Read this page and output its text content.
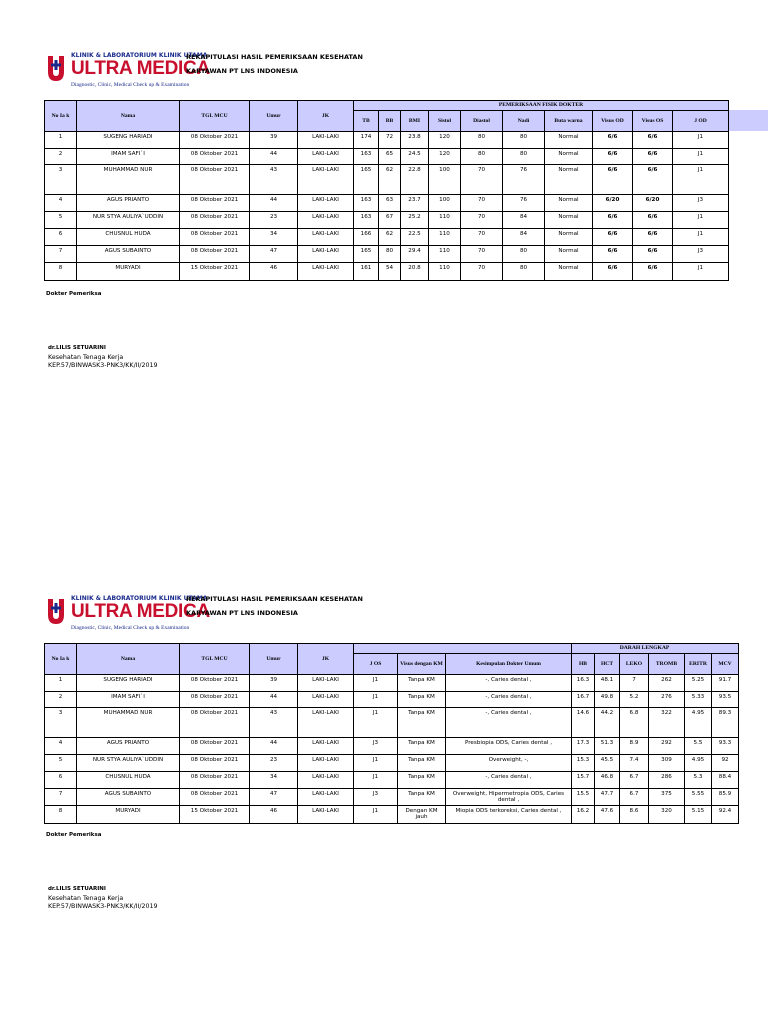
KLINIK & LABORATORIUM KLINIK UTAMA
ULTRA MEDICA
Diagnostic, Clinic, Medical Check up & Examination
REKAPITULASI HASIL PEMERIKSAAN KESEHATAN
KARYAWAN PT LNS INDONESIA
No Ia k	Nama	TGL MCU	Umur	JK	PEMERIKSAAN FISIK DOKTER									
					TB	BB	BMI	Sistol	Diastol	Nadi	Buta warna	Visus OD	Visus OS	J OD
1	SUGENG HARIADI	08 Oktober 2021	39	LAKI-LAKI	174	72	23.8	120	80	80	Normal	6/6	6/6	J1
2	IMAM SAFI`I	08 Oktober 2021	44	LAKI-LAKI	163	65	24.5	120	80	80	Normal	6/6	6/6	J1
3	MUHAMMAD NUR	08 Oktober 2021	43	LAKI-LAKI	165	62	22.8	100	70	76	Normal	6/6	6/6	J1
4	AGUS PRIANTO	08 Oktober 2021	44	LAKI-LAKI	163	63	23.7	100	70	76	Normal	6/20	6/20	J3
5	NUR STYA AULIYA`UDDIN	08 Oktober 2021	23	LAKI-LAKI	163	67	25.2	110	70	84	Normal	6/6	6/6	J1
6	CHUSNUL HUDA	08 Oktober 2021	34	LAKI-LAKI	166	62	22.5	110	70	84	Normal	6/6	6/6	J1
7	AGUS SUBAINTO	08 Oktober 2021	47	LAKI-LAKI	165	80	29.4	110	70	80	Normal	6/6	6/6	J3
8	MURYADI	15 Oktober 2021	46	LAKI-LAKI	161	54	20.8	110	70	80	Normal	6/6	6/6	J1
Dokter Pemeriksa
dr.LILIS SETUARINI
Kesehatan Tenaga Kerja
KEP.57/BINWASK3-PNK3/KK/II/2019
KLINIK & LABORATORIUM KLINIK UTAMA
ULTRA MEDICA
Diagnostic, Clinic, Medical Check up & Examination
REKAPITULASI HASIL PEMERIKSAAN KESEHATAN
KARYAWAN PT LNS INDONESIA
No Ia k	Nama	TGL MCU	Umur	JK				DARAH LENGKAP					
					J OS	Visus dengan KM	Kesimpulan Dokter Umum	HB	HCT	LEKO	TROMB	ERITR	MCV
1	SUGENG HARIADI	08 Oktober 2021	39	LAKI-LAKI	J1	Tanpa KM	-, Caries dental ,	16.3	48.1	7	262	5.25	91.7
2	IMAM SAFI`I	08 Oktober 2021	44	LAKI-LAKI	J1	Tanpa KM	-, Caries dental ,	16.7	49.8	5.2	276	5.33	93.5
3	MUHAMMAD NUR	08 Oktober 2021	43	LAKI-LAKI	J1	Tanpa KM	-, Caries dental ,	14.6	44.2	6.8	322	4.95	89.3
4	AGUS PRIANTO	08 Oktober 2021	44	LAKI-LAKI	J3	Tanpa KM	Presbiopia ODS, Caries dental ,	17.3	51.3	8.9	292	5.5	93.3
5	NUR STYA AULIYA`UDDIN	08 Oktober 2021	23	LAKI-LAKI	J1	Tanpa KM	Overweight, -,	15.3	45.5	7.4	309	4.95	92
6	CHUSNUL HUDA	08 Oktober 2021	34	LAKI-LAKI	J1	Tanpa KM	-, Caries dental ,	15.7	46.8	6.7	286	5.3	88.4
7	AGUS SUBAINTO	08 Oktober 2021	47	LAKI-LAKI	J3	Tanpa KM	Overweight, Hipermetropia ODS, Caries dental ,	15.5	47.7	6.7	375	5.55	85.9
8	MURYADI	15 Oktober 2021	46	LAKI-LAKI	J1	Dengan KM jauh	Miopia ODS terkoreksi, Caries dental ,	16.2	47.6	8.6	320	5.15	92.4
Dokter Pemeriksa
dr.LILIS SETUARINI
Kesehatan Tenaga Kerja
KEP.57/BINWASK3-PNK3/KK/II/2019
